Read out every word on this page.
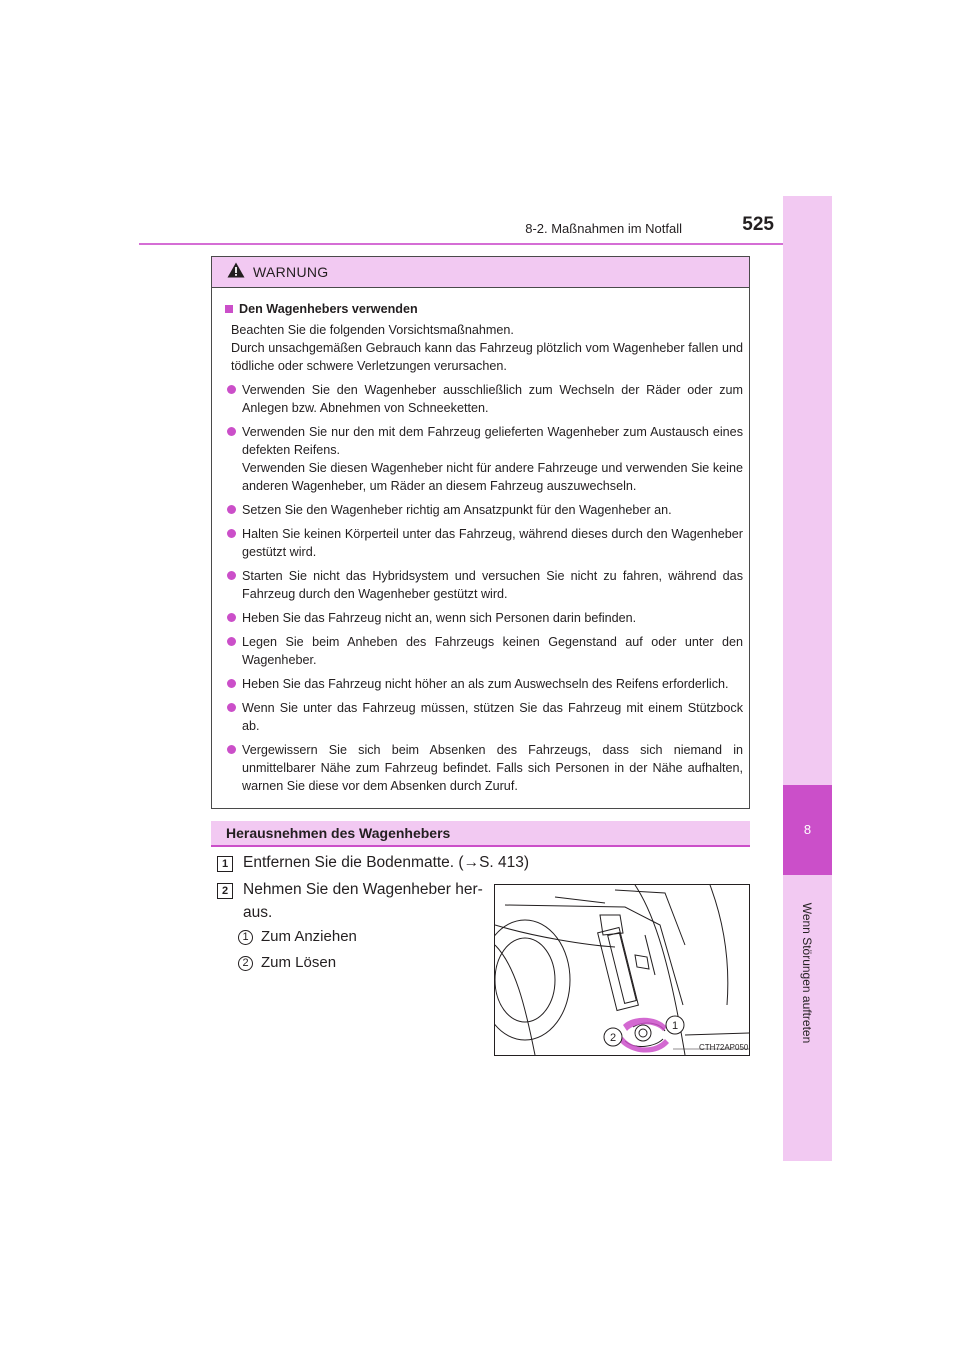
8-2. Maßnahmen im Notfall	525
8
Wenn Störungen auftreten
WARNUNG
Den Wagenhebers verwenden
Beachten Sie die folgenden Vorsichtsmaßnahmen.
Durch unsachgemäßen Gebrauch kann das Fahrzeug plötzlich vom Wagenheber fallen und tödliche oder schwere Verletzungen verursachen.
Verwenden Sie den Wagenheber ausschließlich zum Wechseln der Räder oder zum Anlegen bzw. Abnehmen von Schneeketten.
Verwenden Sie nur den mit dem Fahrzeug gelieferten Wagenheber zum Austausch eines defekten Reifens.
Verwenden Sie diesen Wagenheber nicht für andere Fahrzeuge und verwenden Sie keine anderen Wagenheber, um Räder an diesem Fahrzeug auszuwechseln.
Setzen Sie den Wagenheber richtig am Ansatzpunkt für den Wagenheber an.
Halten Sie keinen Körperteil unter das Fahrzeug, während dieses durch den Wagenheber gestützt wird.
Starten Sie nicht das Hybridsystem und versuchen Sie nicht zu fahren, während das Fahrzeug durch den Wagenheber gestützt wird.
Heben Sie das Fahrzeug nicht an, wenn sich Personen darin befinden.
Legen Sie beim Anheben des Fahrzeugs keinen Gegenstand auf oder unter den Wagenheber.
Heben Sie das Fahrzeug nicht höher an als zum Auswechseln des Reifens erforderlich.
Wenn Sie unter das Fahrzeug müssen, stützen Sie das Fahrzeug mit einem Stützbock ab.
Vergewissern Sie sich beim Absenken des Fahrzeugs, dass sich niemand in unmittelbarer Nähe zum Fahrzeug befindet. Falls sich Personen in der Nähe aufhalten, warnen Sie diese vor dem Absenken durch Zuruf.
Herausnehmen des Wagenhebers
1 Entfernen Sie die Bodenmatte. (→S. 413)
2 Nehmen Sie den Wagenheber her-
aus.
1 Zum Anziehen
2 Zum Lösen
1
2
CTH72AP050
